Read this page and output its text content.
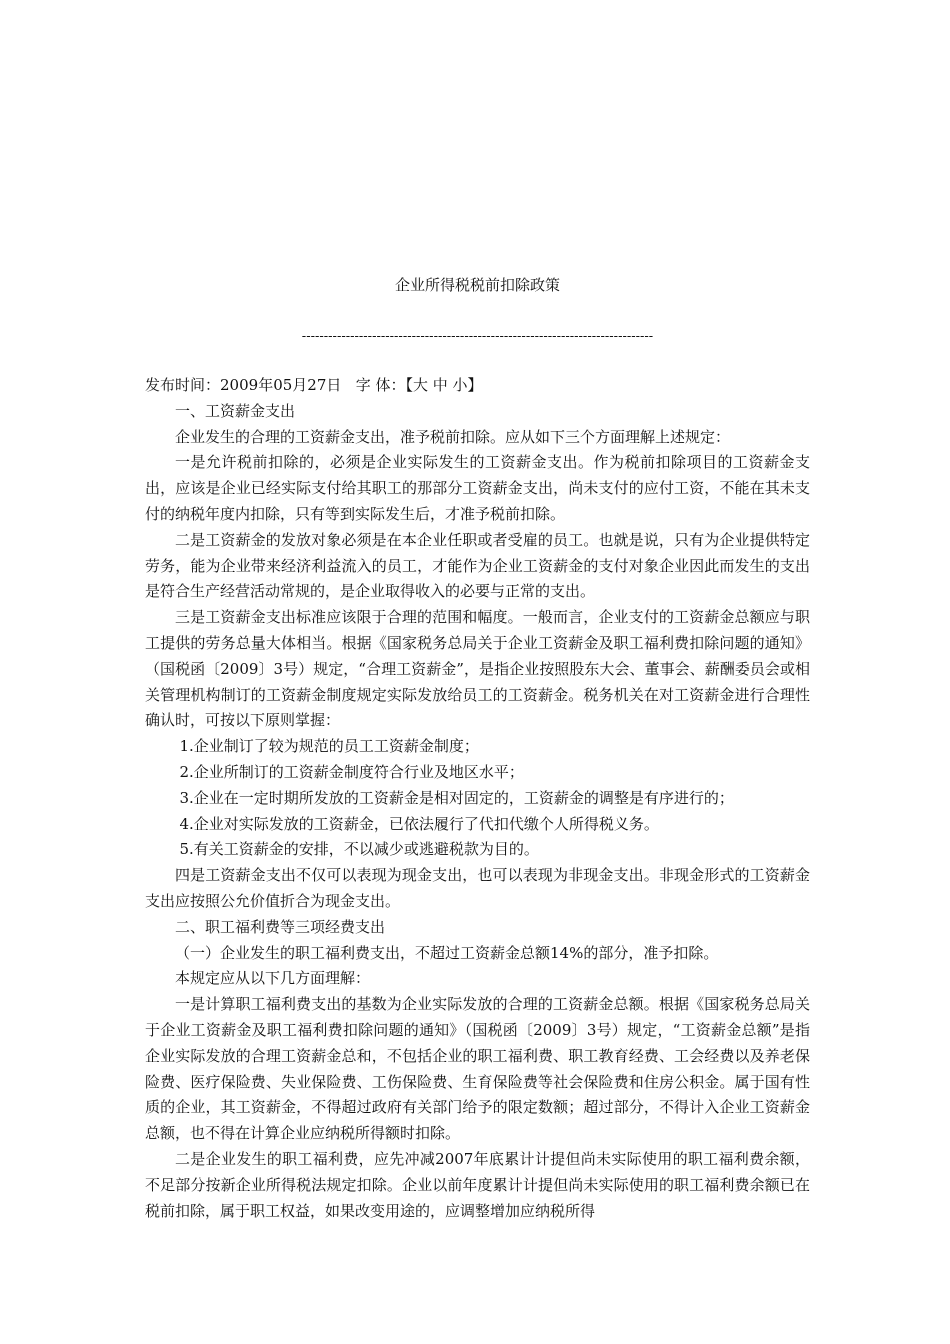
企业所得税税前扣除政策
--------------------------------------------------------------------------------

发布时间：2009年05月27日 字 体：【大 中 小】

一、工资薪金支出

企业发生的合理的工资薪金支出，准予税前扣除。应从如下三个方面理解上述规定：

一是允许税前扣除的，必须是企业实际发生的工资薪金支出。作为税前扣除项目的工资薪金支出，应该是企业已经实际支付给其职工的那部分工资薪金支出，尚未支付的应付工资，不能在其未支付的纳税年度内扣除，只有等到实际发生后，才准予税前扣除。

二是工资薪金的发放对象必须是在本企业任职或者受雇的员工。也就是说，只有为企业提供特定劳务，能为企业带来经济利益流入的员工，才能作为企业工资薪金的支付对象企业因此而发生的支出是符合生产经营活动常规的，是企业取得收入的必要与正常的支出。

三是工资薪金支出标准应该限于合理的范围和幅度。一般而言，企业支付的工资薪金总额应与职工提供的劳务总量大体相当。根据《国家税务总局关于企业工资薪金及职工福利费扣除问题的通知》（国税函〔2009〕3号）规定，“合理工资薪金”，是指企业按照股东大会、董事会、薪酬委员会或相关管理机构制订的工资薪金制度规定实际发放给员工的工资薪金。税务机关在对工资薪金进行合理性确认时，可按以下原则掌握：

1.企业制订了较为规范的员工工资薪金制度；

2.企业所制订的工资薪金制度符合行业及地区水平；

3.企业在一定时期所发放的工资薪金是相对固定的，工资薪金的调整是有序进行的；

4.企业对实际发放的工资薪金，已依法履行了代扣代缴个人所得税义务。

5.有关工资薪金的安排，不以减少或逃避税款为目的。

四是工资薪金支出不仅可以表现为现金支出，也可以表现为非现金支出。非现金形式的工资薪金支出应按照公允价值折合为现金支出。

二、职工福利费等三项经费支出

（一）企业发生的职工福利费支出，不超过工资薪金总额14%的部分，准予扣除。

本规定应从以下几方面理解：

一是计算职工福利费支出的基数为企业实际发放的合理的工资薪金总额。根据《国家税务总局关于企业工资薪金及职工福利费扣除问题的通知》（国税函〔2009〕3号）规定，“工资薪金总额”是指企业实际发放的合理工资薪金总和，不包括企业的职工福利费、职工教育经费、工会经费以及养老保险费、医疗保险费、失业保险费、工伤保险费、生育保险费等社会保险费和住房公积金。属于国有性质的企业，其工资薪金，不得超过政府有关部门给予的限定数额；超过部分，不得计入企业工资薪金总额，也不得在计算企业应纳税所得额时扣除。

二是企业发生的职工福利费，应先冲减2007年底累计计提但尚未实际使用的职工福利费余额，不足部分按新企业所得税法规定扣除。企业以前年度累计计提但尚未实际使用的职工福利费余额已在税前扣除，属于职工权益，如果改变用途的，应调整增加应纳税所得
